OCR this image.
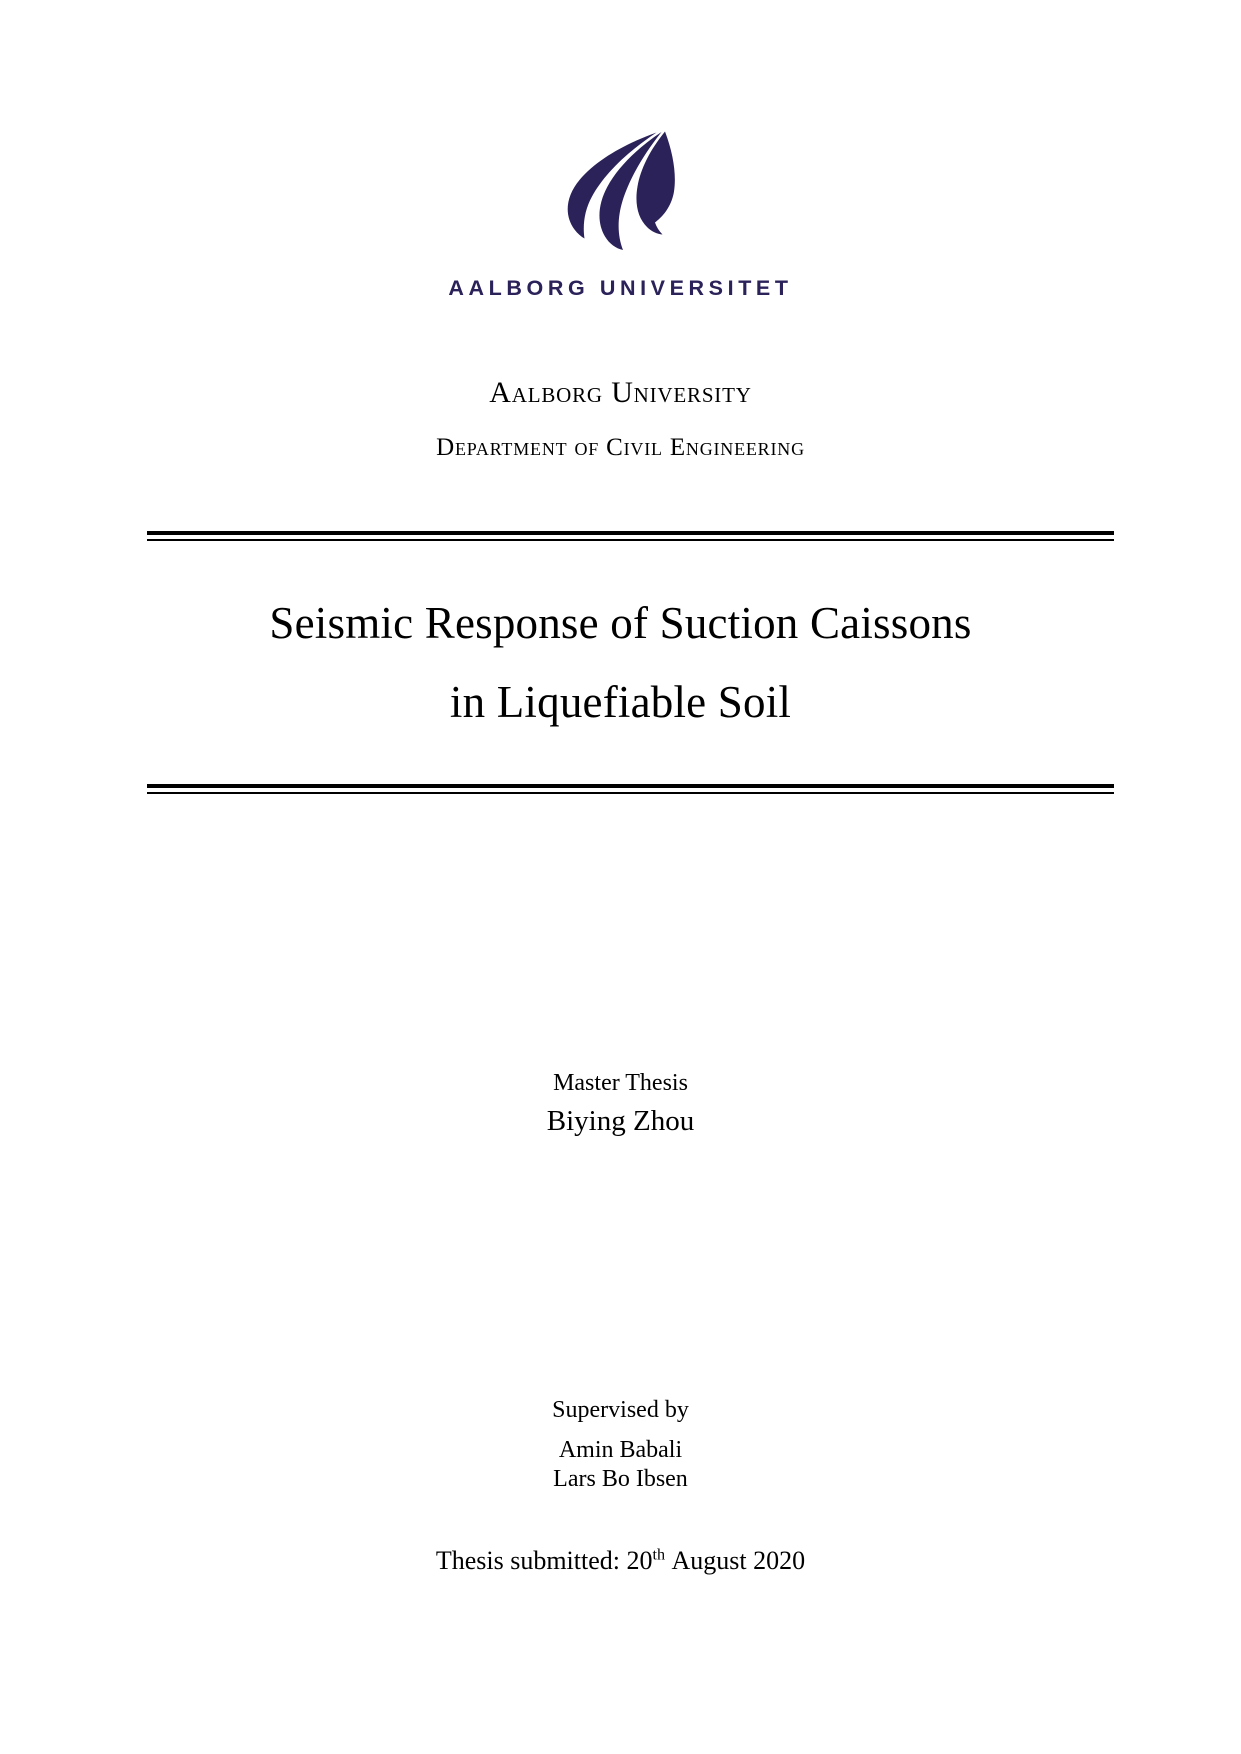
AALBORG UNIVERSITET
Aalborg University
Department of Civil Engineering
Seismic Response of Suction Caissons
in Liquefiable Soil
Master Thesis
Biying Zhou
Supervised by
Amin Babali
Lars Bo Ibsen
Thesis submitted: 20th August 2020
